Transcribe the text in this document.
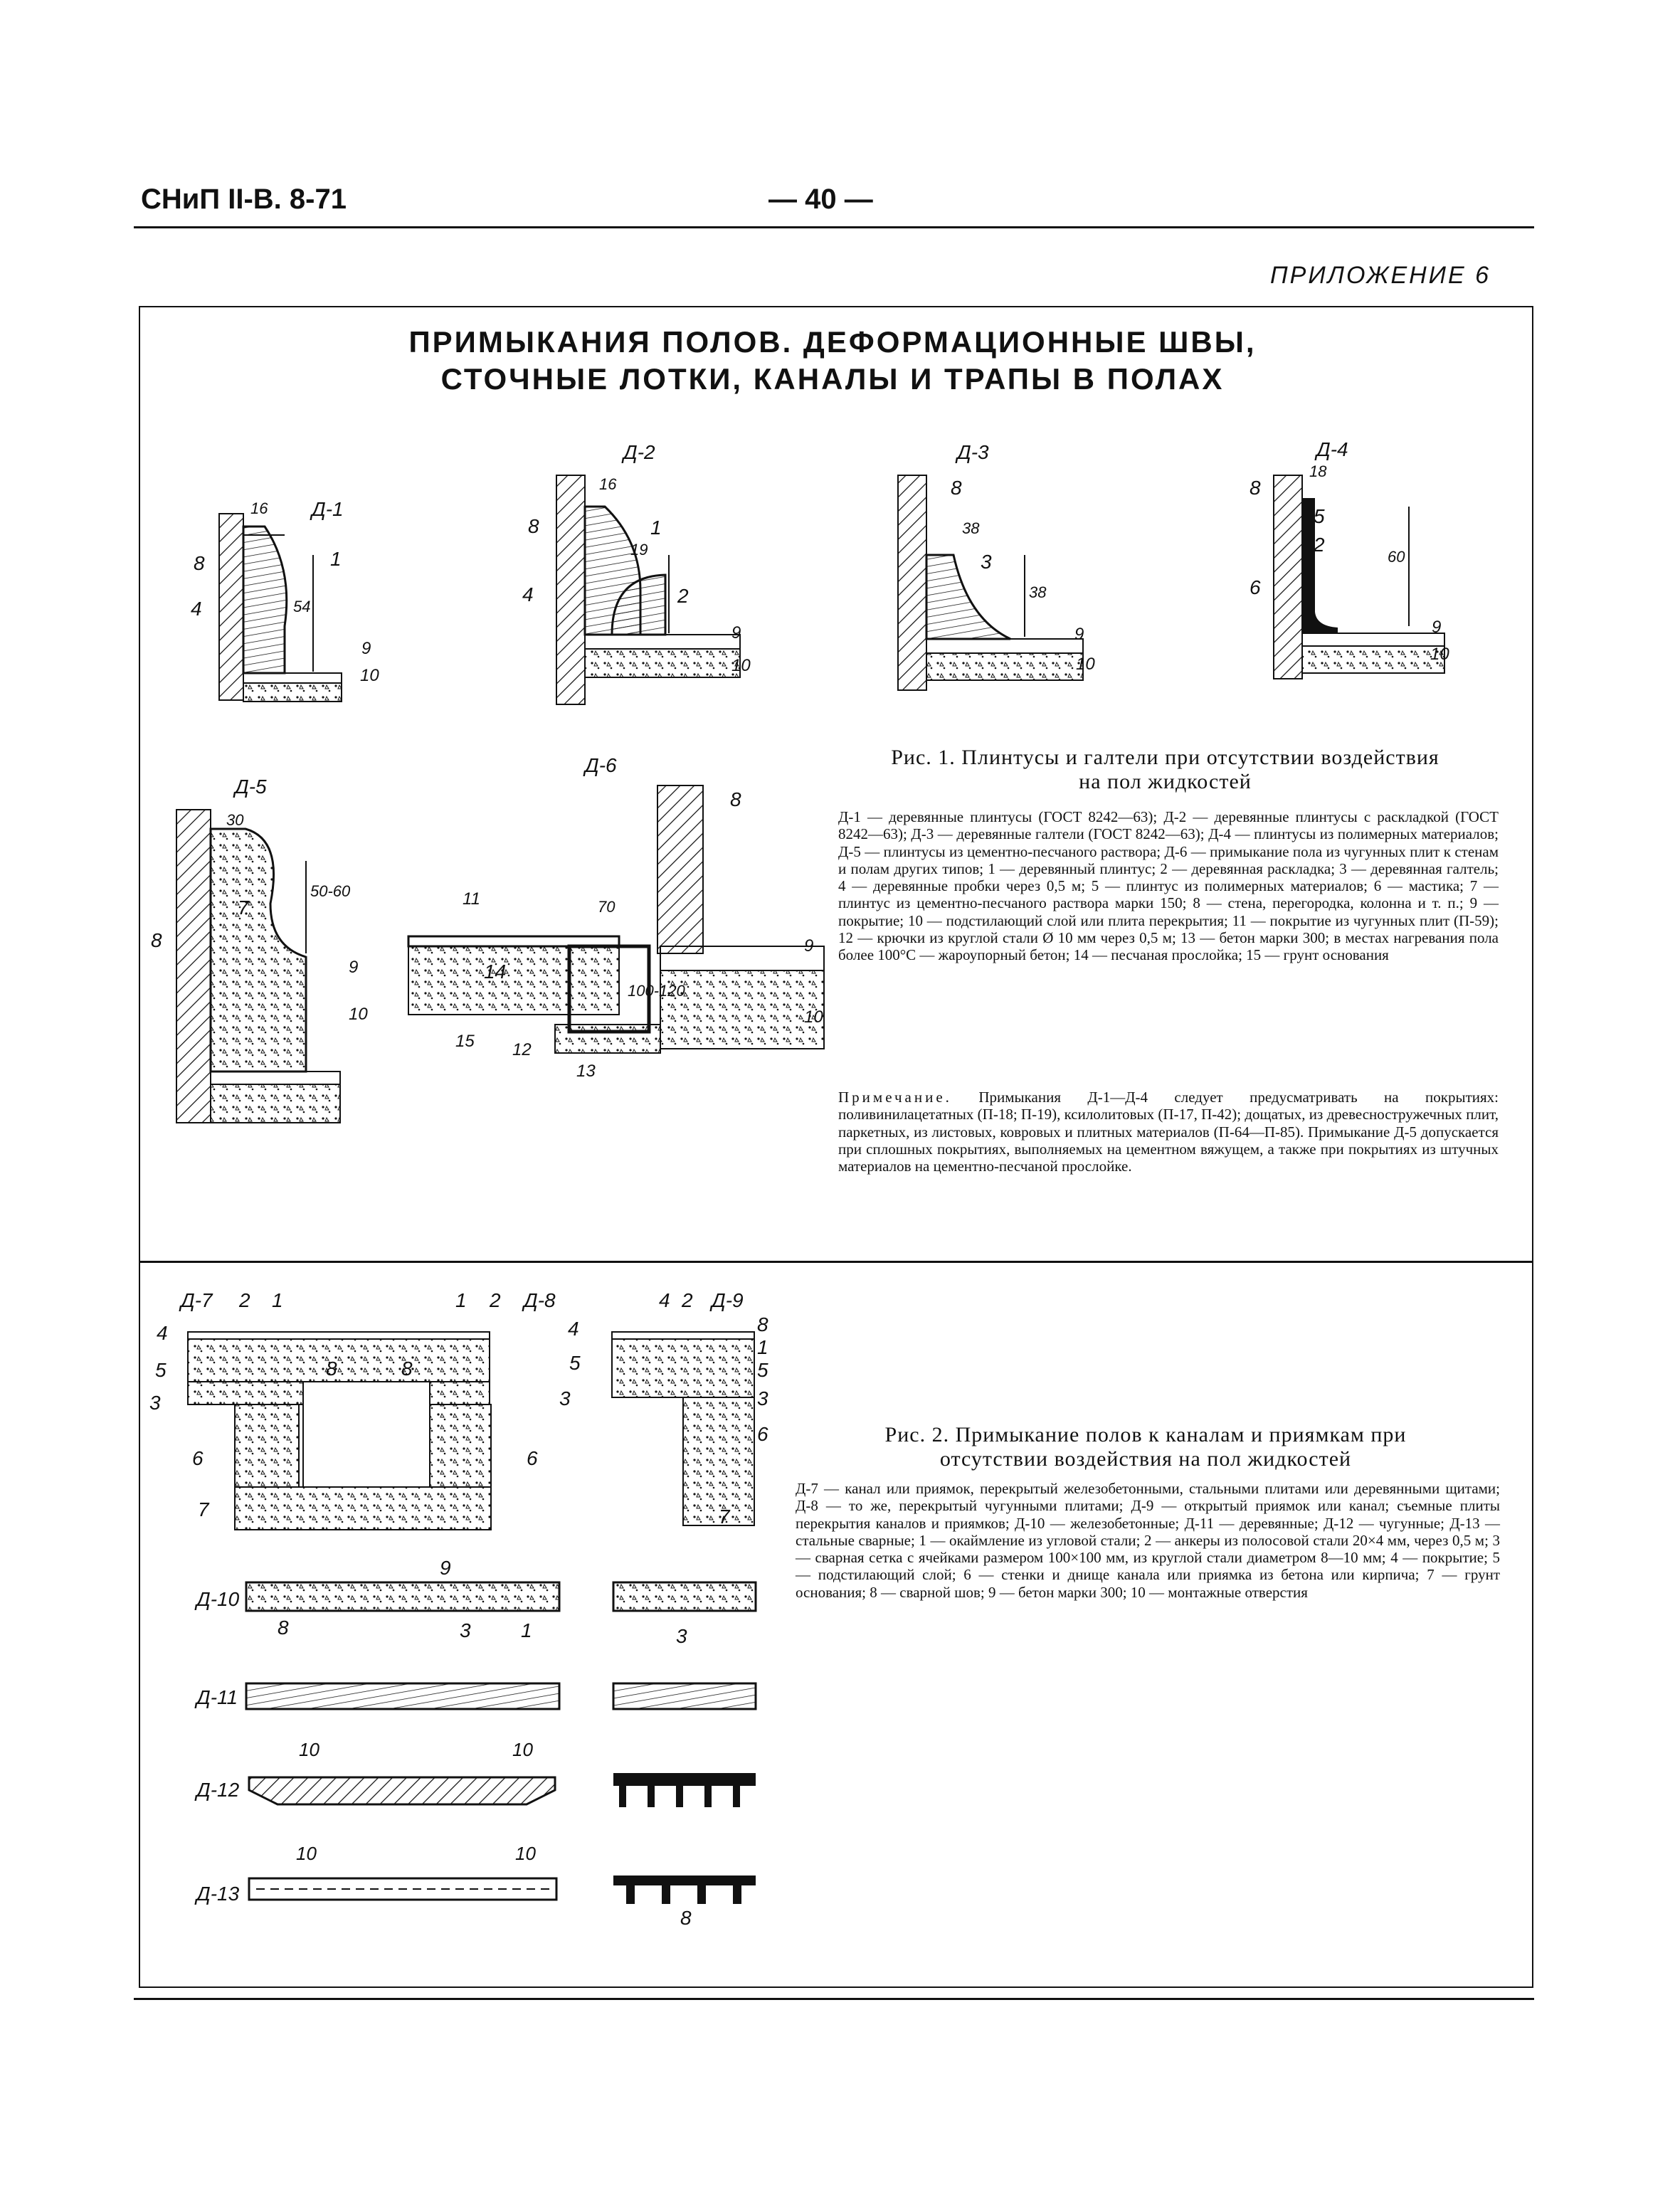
СНиП II-В. 8-71	— 40 —
ПРИЛОЖЕНИЕ 6
ПРИМЫКАНИЯ ПОЛОВ. ДЕФОРМАЦИОННЫЕ ШВЫ,
СТОЧНЫЕ ЛОТКИ, КАНАЛЫ И ТРАПЫ В ПОЛАХ
Д-1
16
8	1
4	54
9
10
Д-2
16
8	1
19
4	2
9
10
Д-3
8
38
3
38
9
10
Д-4
8
18
5
2
60
6
9
10
Д-5
30
50-60
7
8
9
10
Д-6
8
11	70
9
14
100-120
10
15 12
13
Д-7 2 1
4
8
5
3
6
7
1 2 Д-8
4
8	5
3
6
4 2 Д-9
8
1
5
3
6
7
Д-10
9
8	3	1	3
Д-11
10	10
Д-12
10	10
Д-13
8
Рис. 1. Плинтусы и галтели при отсутствии воздействия
на пол жидкостей
Д-1 — деревянные плинтусы (ГОСТ 8242—63); Д-2 — деревянные плинтусы с раскладкой (ГОСТ 8242—63); Д-3 — деревянные галтели (ГОСТ 8242—63); Д-4 — плинтусы из полимерных материалов; Д-5 — плинтусы из цементно-песчаного раствора; Д-6 — примыкание пола из чугунных плит к стенам и полам других типов; 1 — деревянный плинтус; 2 — деревянная раскладка; 3 — деревянная галтель; 4 — деревянные пробки через 0,5 м; 5 — плинтус из полимерных материалов; 6 — мастика; 7 — плинтус из цементно-песчаного раствора марки 150; 8 — стена, перегородка, колонна и т. п.; 9 — покрытие; 10 — подстилающий слой или плита перекрытия; 11 — покрытие из чугунных плит (П-59); 12 — крючки из круглой стали Ø 10 мм через 0,5 м; 13 — бетон марки 300; в местах нагревания пола более 100°С — жароупорный бетон; 14 — песчаная прослойка; 15 — грунт основания
Примечание. Примыкания Д-1—Д-4 следует предусматривать на покрытиях: поливинилацетатных (П-18; П-19), ксилолитовых (П-17, П-42); дощатых, из древесностружечных плит, паркетных, из листовых, ковровых и плитных материалов (П-64—П-85). Примыкание Д-5 допускается при сплошных покрытиях, выполняемых на цементном вяжущем, а также при покрытиях из штучных материалов на цементно-песчаной прослойке.
Рис. 2. Примыкание полов к каналам и приямкам при
отсутствии воздействия на пол жидкостей
Д-7 — канал или приямок, перекрытый железобетонными, стальными плитами или деревянными щитами; Д-8 — то же, перекрытый чугунными плитами; Д-9 — открытый приямок или канал; съемные плиты перекрытия каналов и приямков; Д-10 — железобетонные; Д-11 — деревянные; Д-12 — чугунные; Д-13 — стальные сварные; 1 — окаймление из угловой стали; 2 — анкеры из полосовой стали 20×4 мм, через 0,5 м; 3 — сварная сетка с ячейками размером 100×100 мм, из круглой стали диаметром 8—10 мм; 4 — покрытие; 5 — подстилающий слой; 6 — стенки и днище канала или приямка из бетона или кирпича; 7 — грунт основания; 8 — сварной шов; 9 — бетон марки 300; 10 — монтажные отверстия
